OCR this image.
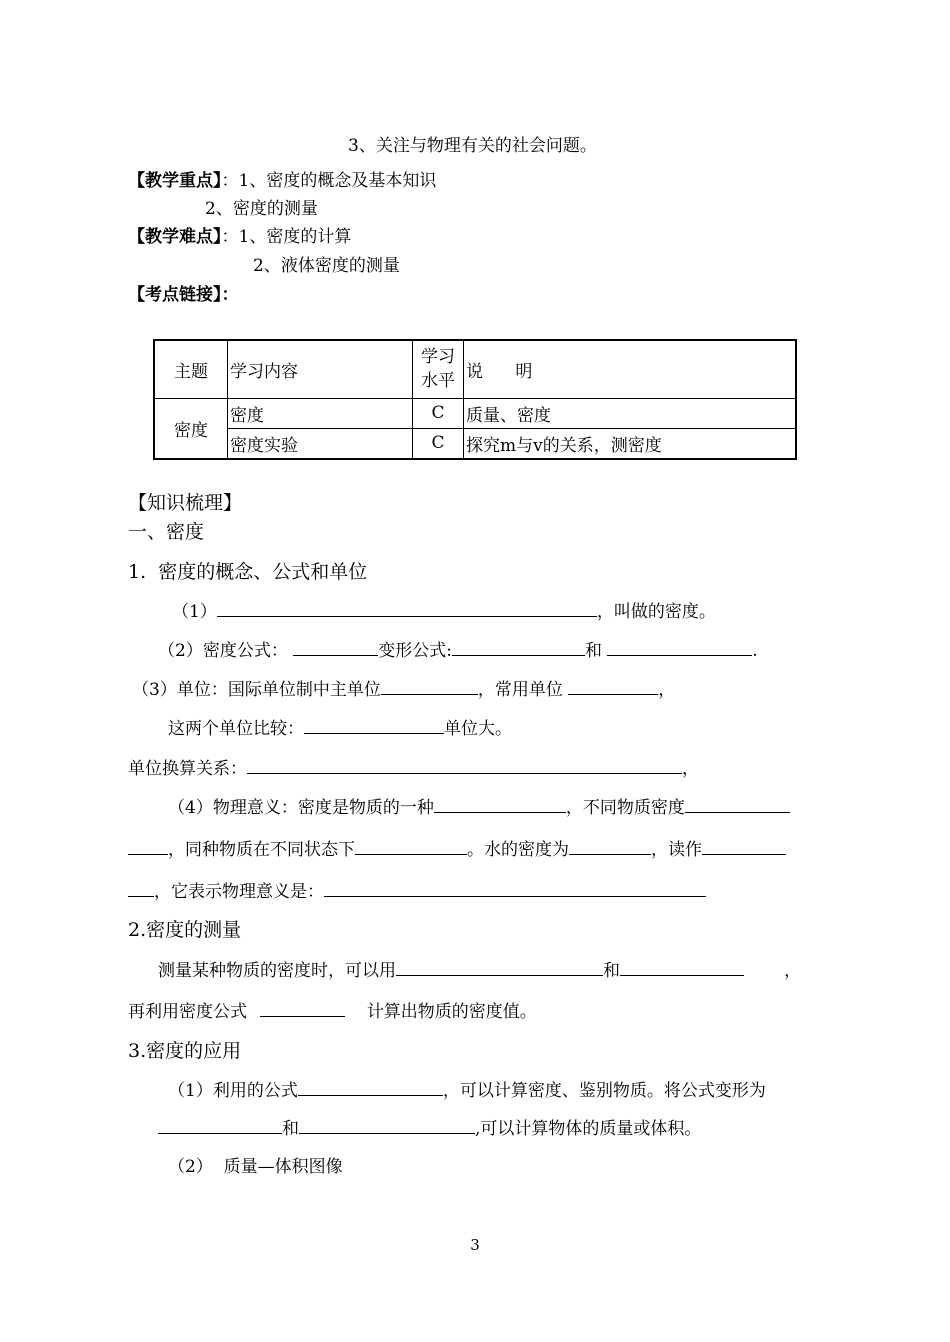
3、关注与物理有关的社会问题。
【教学重点】：1、密度的概念及基本知识
2、密度的测量
【教学难点】：1、密度的计算
2、液体密度的测量
【考点链接】：
主题	学习内容	学习水平	说      明
密度	密度	C	质量、密度
	密度实验	C	探究m与v的关系，测密度
【知识梳理】
一、密度
1.  密度的概念、公式和单位
（1）	，叫做的密度。
（2）密度公式：	变形公式:	和	.
（3）单位：国际单位制中主单位	，常用单位	，
这两个单位比较：	单位大。
单位换算关系：	，
（4）物理意义：密度是物质的一种	，不同物质密度
，同种物质在不同状态下	。水的密度为	，读作
，它表示物理意义是：
2.密度的测量
测量某种物质的密度时，可以用	和	，
再利用密度公式	计算出物质的密度值。
3.密度的应用
（1）利用的公式	，可以计算密度、鉴别物质。将公式变形为
和	,可以计算物体的质量或体积。
（2）  质量—体积图像
3
